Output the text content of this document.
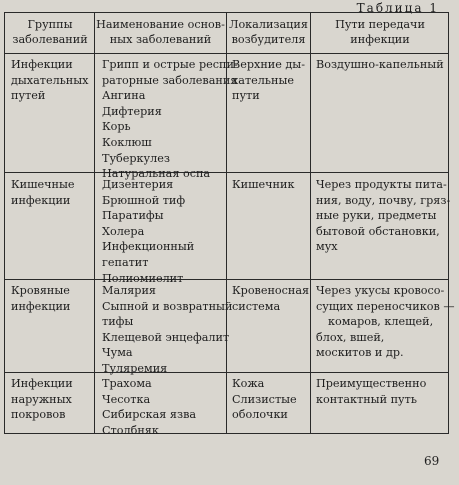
Таблица 1
Группы
заболеваний
Наименование основ-
ных заболеваний
Локализация
возбудителя
Пути передачи
инфекции
Инфекции
дыхательных
путей
Грипп и острые респи-
раторные заболевания
Ангина
Дифтерия
Корь
Коклюш
Туберкулез
Натуральная оспа
Верхние ды-
хательные
пути
Воздушно-капельный
Кишечные
инфекции
Дизентерия
Брюшной тиф
Паратифы
Холера
Инфекционный
гепатит
Полиомиелит
Кишечник Через продукты пита-
ния, воду, почву, гряз-
ные руки, предметы
бытовой обстановки,
мух
Кровяные
инфекции
Малярия
Сыпной и возвратный
тифы
Клещевой энцефалит
Чума
Туляремия
Кровеносная
система
Через укусы кровосо-
сущих переносчиков —
комаров, клещей,
блох, вшей,
москитов и др.
Инфекции
наружных
покровов
Трахома
Чесотка
Сибирская язва
Столбняк
Кожа
Слизистые
оболочки
Преимущественно
контактный путь
69
